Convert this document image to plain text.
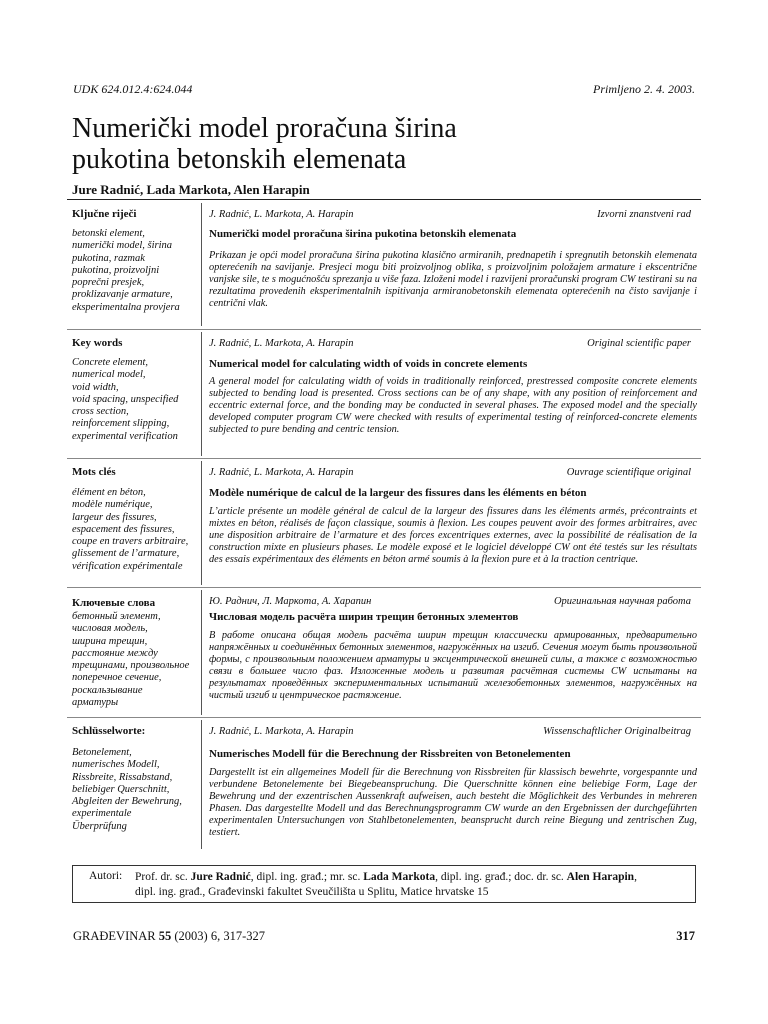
UDK 624.012.4:624.044	Primljeno 2. 4. 2003.
Numerički model proračuna širina
pukotina betonskih elemenata
Jure Radnić, Lada Markota, Alen Harapin
Ključne riječi
betonski element,
numerički model, širina
pukotina, razmak
pukotina, proizvoljni
poprečni presjek,
proklizavanje armature,
eksperimentalna provjera
J. Radnić, L. Markota, A. Harapin	Izvorni znanstveni rad
Numerički model proračuna širina pukotina betonskih elemenata
Prikazan je opći model proračuna širina pukotina klasično armiranih, prednapetih i spregnutih betonskih elemenata opterećenih na savijanje. Presjeci mogu biti proizvoljnog oblika, s proizvoljnim položajem armature i ekscentrične vanjske sile, te s mogućnošću sprezanja u više faza. Izloženi model i razvijeni proračunski program CW testirani su na rezultatima provedenih eksperimentalnih ispitivanja armiranobetonskih elemenata opterećenih na čisto savijanje i centrični vlak.
Key words
Concrete element,
numerical model,
void width,
void spacing, unspecified
cross section,
reinforcement slipping,
experimental verification
J. Radnić, L. Markota, A. Harapin	Original scientific paper
Numerical model for calculating width of voids in concrete elements
A general model for calculating width of voids in traditionally reinforced, prestressed composite concrete elements subjected to bending load is presented. Cross sections can be of any shape, with any position of reinforcement and eccentric external force, and the bonding may be conducted in several phases. The exposed model and the specially developed computer program CW were checked with results of experimental testing of reinforced-concrete elements subjected to pure bending and centric tension.
Mots clés
élément en béton,
modèle numérique,
largeur des fissures,
espacement des fissures,
coupe en travers arbitraire,
glissement de l’armature,
vérification expérimentale
J. Radnić, L. Markota, A. Harapin	Ouvrage scientifique original
Modèle numérique de calcul de la largeur des fissures dans les éléments en béton
L’article présente un modèle général de calcul de la largeur des fissures dans les éléments armés, précontraints et mixtes en béton, réalisés de façon classique, soumis à flexion. Les coupes peuvent avoir des formes arbitraires, avec une disposition arbitraire de l’armature et des forces excentriques externes, avec la possibilité de réalisation de la construction mixte en plusieurs phases. Le modèle exposé et le logiciel développé CW ont été testés sur les résultats des essais expérimentaux des éléments en béton armé soumis à la flexion pure et à la traction centrique.
Ключевые слова
бетонный элемент,
числовая модель,
ширина трещин,
расстояние между
трещинами, произвольное
поперечное сечение,
роскальзывание
арматуры
Ю. Раднич, Л. Маркота, А. Харапин	Оригинальная научная работа
Числовая модель расчёта ширин трещин бетонных элементов
В работе описана общая модель расчёта ширин трещин классически армированных, предварительно напряжённых и соединённых бетонных элементов, нагружённых на изгиб. Сечения могут быть произвольной формы, с произвольным положением арматуры и эксцентрической внешней силы, а также с возможностью связи в большее число фаз. Изложенные модель и развитая расчётная системы CW испытаны на результатах проведённых экспериментальных испытаний железобетонных элементов, нагружённых на чистый изгиб и центрическое растяжение.
Schlüsselworte:
Betonelement,
numerisches Modell,
Rissbreite, Rissabstand,
beliebiger Querschnitt,
Abgleiten der Bewehrung,
experimentale
Überprüfung
J. Radnić, L. Markota, A. Harapin	Wissenschaftlicher Originalbeitrag
Numerisches Modell für die Berechnung der Rissbreiten von Betonelementen
Dargestellt ist ein allgemeines Modell für die Berechnung von Rissbreiten für klassisch bewehrte, vorgespannte und verbundene Betonelemente bei Biegebeanspruchung. Die Querschnitte können eine beliebige Form, Lage der Bewehrung und der exzentrischen Aussenkraft aufweisen, auch besteht die Möglichkeit des Verbundes in mehreren Phasen. Das dargestellte Modell und das Berechnungsprogramm CW wurde an den Ergebnissen der durchgeführten experimentalen Untersuchungen von Stahlbetonelementen, beansprucht durch reine Biegung und zentrischen Zug, testiert.
Autori: Prof. dr. sc. Jure Radnić, dipl. ing. građ.; mr. sc. Lada Markota, dipl. ing. građ.; doc. dr. sc. Alen Harapin,
dipl. ing. građ., Građevinski fakultet Sveučilišta u Splitu, Matice hrvatske 15
GRAĐEVINAR 55 (2003) 6, 317-327	317
